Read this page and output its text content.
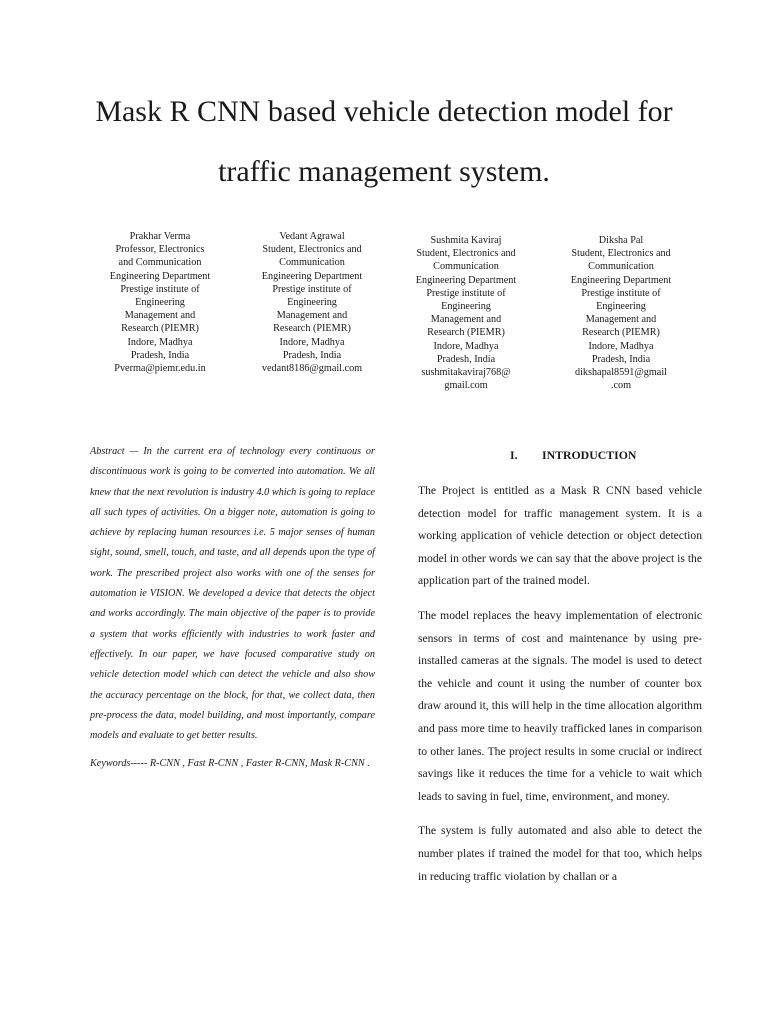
Mask R CNN based vehicle detection model for
traffic management system.
Prakhar Verma
Professor, Electronics
and Communication
Engineering Department
Prestige institute of
Engineering
Management and
Research (PIEMR)
Indore, Madhya
Pradesh, India
Pverma@piemr.edu.in
Vedant Agrawal
Student, Electronics and
Communication
Engineering Department
Prestige institute of
Engineering
Management and
Research (PIEMR)
Indore, Madhya
Pradesh, India
vedant8186@gmail.com
Sushmita Kaviraj
Student, Electronics and
Communication
Engineering Department
Prestige institute of
Engineering
Management and
Research (PIEMR)
Indore, Madhya
Pradesh, India
sushmitakaviraj768@
gmail.com
Diksha Pal
Student, Electronics and
Communication
Engineering Department
Prestige institute of
Engineering
Management and
Research (PIEMR)
Indore, Madhya
Pradesh, India
dikshapal8591@gmail
.com

Abstract — In the current era of technology every continuous or discontinuous work is going to be converted into automation. We all knew that the next revolution is industry 4.0 which is going to replace all such types of activities. On a bigger note, automation is going to achieve by replacing human resources i.e. 5 major senses of human sight, sound, smell, touch, and taste, and all depends upon the type of work. The prescribed project also works with one of the senses for automation ie VISION. We developed a device that detects the object and works accordingly. The main objective of the paper is to provide a system that works efficiently with industries to work faster and effectively. In our paper, we have focused comparative study on vehicle detection model which can detect the vehicle and also show the accuracy percentage on the block, for that, we collect data, then pre-process the data, model building, and most importantly, compare models and evaluate to get better results.

Keywords----- R-CNN , Fast R-CNN , Faster R-CNN, Mask R-CNN .

I. INTRODUCTION

The Project is entitled as a Mask R CNN based vehicle detection model for traffic management system. It is a working application of vehicle detection or object detection model in other words we can say that the above project is the application part of the trained model.

The model replaces the heavy implementation of electronic sensors in terms of cost and maintenance by using pre-installed cameras at the signals. The model is used to detect the vehicle and count it using the number of counter box draw around it, this will help in the time allocation algorithm and pass more time to heavily trafficked lanes in comparison to other lanes. The project results in some crucial or indirect savings like it reduces the time for a vehicle to wait which leads to saving in fuel, time, environment, and money.

The system is fully automated and also able to detect the number plates if trained the model for that too, which helps in reducing traffic violation by challan or a
